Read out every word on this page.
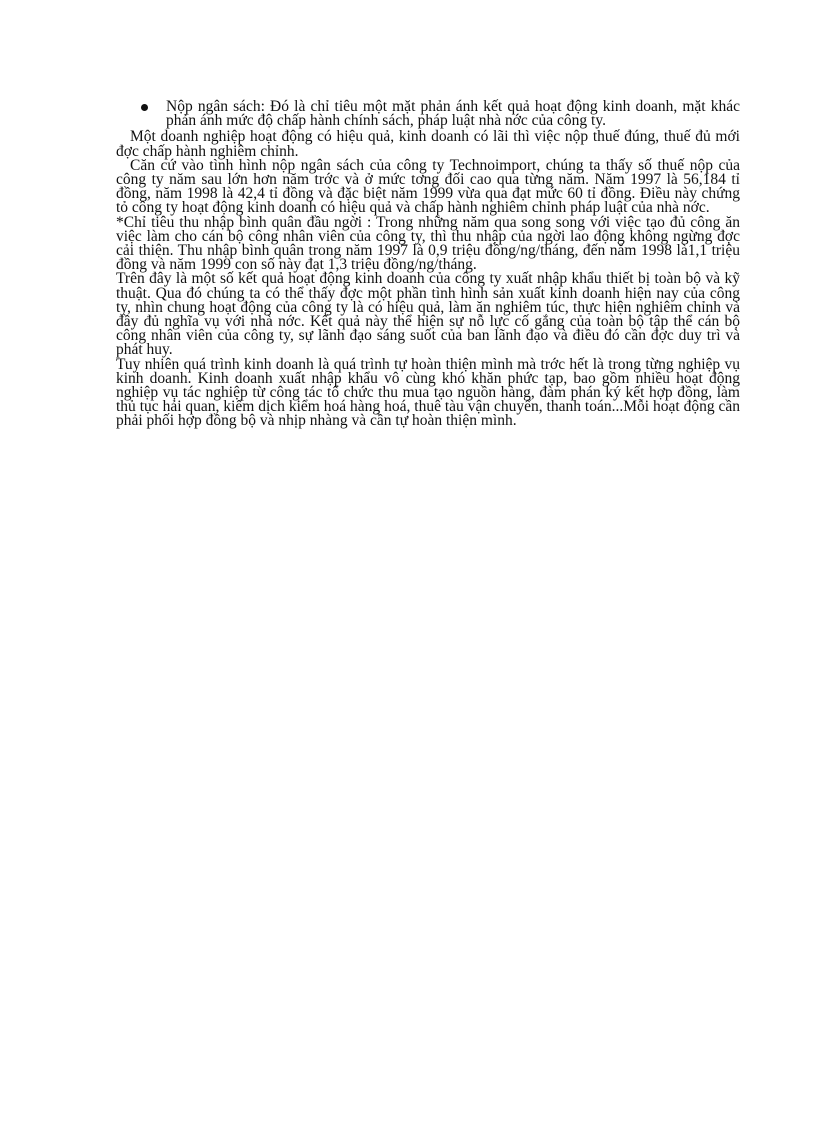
Nộp ngân sách: Đó là chỉ tiêu một mặt phản ánh kết quả hoạt động kinh doanh, mặt khác phản ánh mức độ chấp hành chính sách, pháp luật nhà nớc của công ty.

Một doanh nghiệp hoạt động có hiệu quả, kinh doanh có lãi thì việc nộp thuế đúng, thuế đủ mới đợc chấp hành nghiêm chỉnh.

Căn cứ vào tình hình nộp ngân sách của công ty Technoimport, chúng ta thấy số thuế nộp của công ty năm sau lớn hơn năm trớc và ở mức tơng đối cao qua từng năm. Năm 1997 là 56,184 tỉ đồng, năm 1998 là 42,4 tỉ đồng và đặc biệt năm 1999 vừa qua đạt mức 60 tỉ đồng. Điều này chứng tỏ công ty hoạt động kinh doanh có hiệu quả và chấp hành nghiêm chỉnh pháp luật của nhà nớc.

*Chỉ tiêu thu nhập bình quân đầu ngời : Trong những năm qua song song với việc tạo đủ công ăn việc làm cho cán bộ công nhân viên của công ty, thì thu nhập của ngời lao động không ngừng đợc cải thiện. Thu nhập bình quân trong năm 1997 là 0,9 triệu đồng/ng/tháng, đến năm 1998 là1,1 triệu đồng và năm 1999 con số này đạt 1,3 triệu đồng/ng/tháng.

Trên đây là một số kết quả hoạt động kinh doanh của công ty xuất nhập khẩu thiết bị toàn bộ và kỹ thuật. Qua đó chúng ta có thể thấy đợc một phần tình hình sản xuất kinh doanh hiện nay của công ty, nhìn chung hoạt động của công ty là có hiệu quả, làm ăn nghiêm túc, thực hiện nghiêm chỉnh và đầy đủ nghĩa vụ với nhà nớc. Kết quả này thể hiện sự nỗ lực cố gắng của toàn bộ tập thể cán bộ công nhân viên của công ty, sự lãnh đạo sáng suốt của ban lãnh đạo và điều đó cần đợc duy trì và phát huy.

Tuy nhiên quá trình kinh doanh là quá trình tự hoàn thiện mình mà trớc hết là trong từng nghiệp vụ kinh doanh. Kinh doanh xuất nhập khẩu vô cùng khó khăn phức tạp, bao gồm nhiều hoạt động nghiệp vụ tác nghiệp từ công tác tổ chức thu mua tạo nguồn hàng, đàm phán ký kết hợp đồng, làm thủ tục hải quan, kiểm dịch kiểm hoá hàng hoá, thuê tàu vận chuyển, thanh toán...Mỗi hoạt động cần phải phối hợp đồng bộ và nhịp nhàng và cần tự hoàn thiện mình.
